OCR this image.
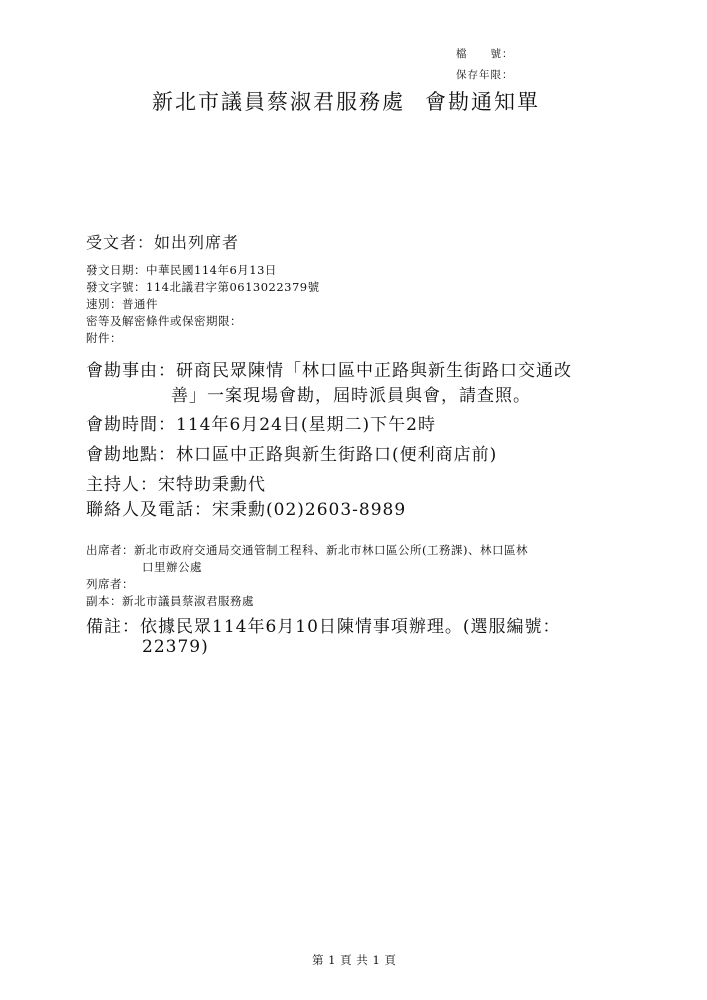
檔　　號：
保存年限：
新北市議員蔡淑君服務處 會勘通知單
受文者：如出列席者
發文日期：中華民國114年6月13日
發文字號：114北議君字第0613022379號
速別：普通件
密等及解密條件或保密期限：
附件：
會勘事由：研商民眾陳情「林口區中正路與新生街路口交通改
善」一案現場會勘，屆時派員與會，請查照。
會勘時間：114年6月24日(星期二)下午2時
會勘地點：林口區中正路與新生街路口(便利商店前)
主持人：宋特助秉勳代
聯絡人及電話：宋秉勳(02)2603-8989
出席者：新北市政府交通局交通管制工程科、新北市林口區公所(工務課)、林口區林
口里辦公處
列席者：
副本：新北市議員蔡淑君服務處
備註：依據民眾114年6月10日陳情事項辦理。(選服編號：
22379)
第 1 頁 共 1 頁
